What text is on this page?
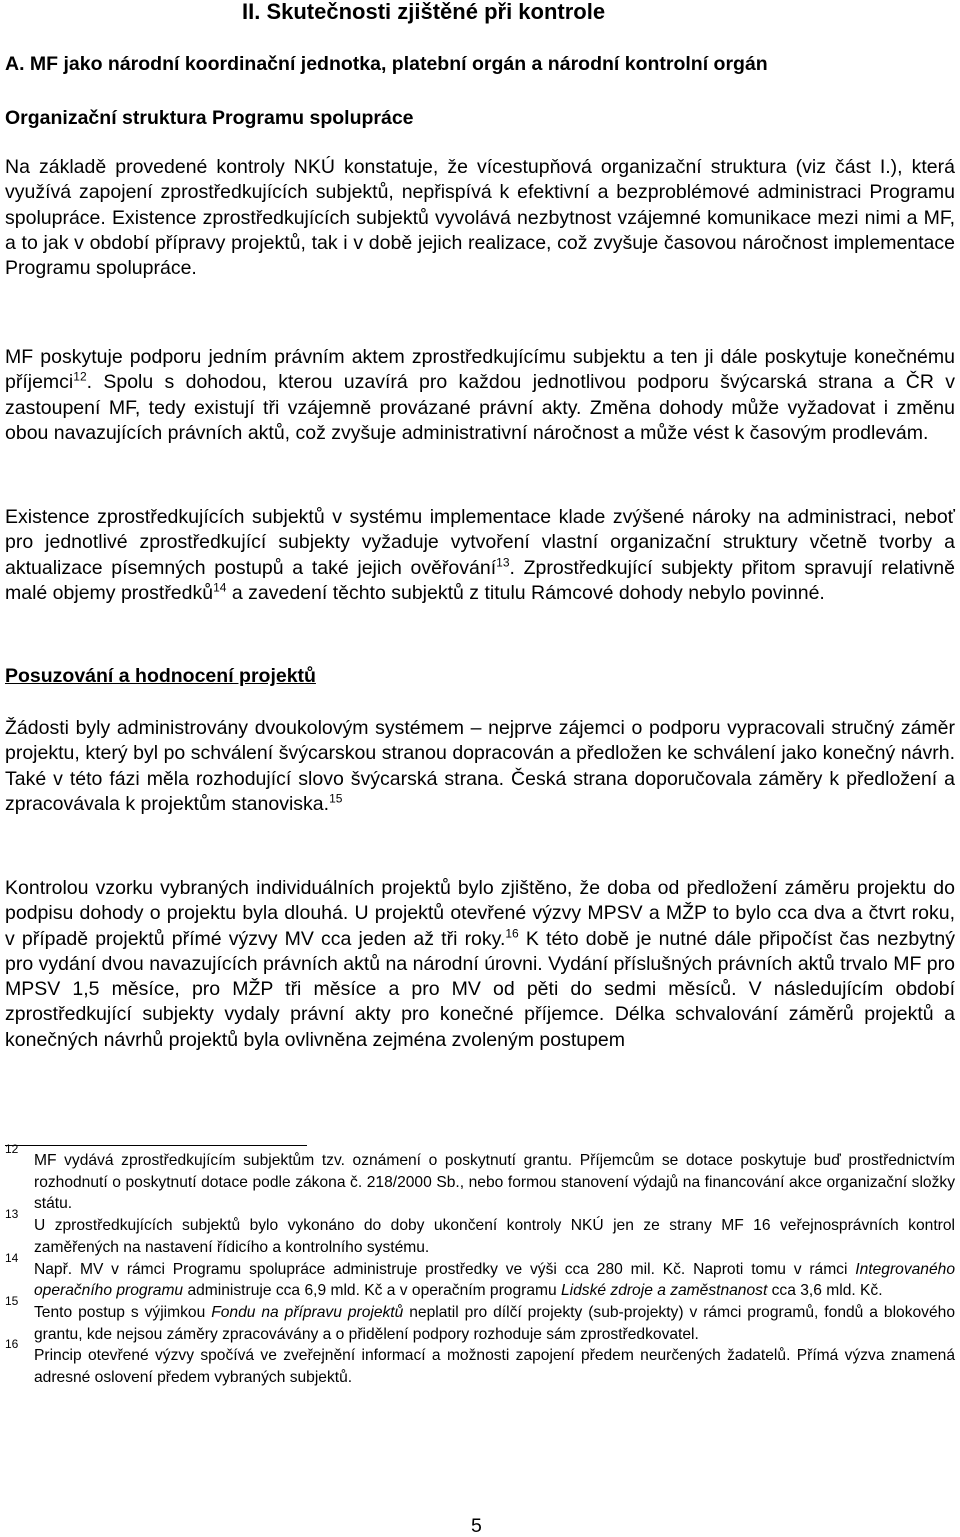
II. Skutečnosti zjištěné při kontrole
A. MF jako národní koordinační jednotka, platební orgán a národní kontrolní orgán
Organizační struktura Programu spolupráce

Na základě provedené kontroly NKÚ konstatuje, že vícestupňová organizační struktura (viz část I.), která využívá zapojení zprostředkujících subjektů, nepřispívá k efektivní a bezproblémové administraci Programu spolupráce. Existence zprostředkujících subjektů vyvolává nezbytnost vzájemné komunikace mezi nimi a MF, a to jak v období přípravy projektů, tak i v době jejich realizace, což zvyšuje časovou náročnost implementace Programu spolupráce.

MF poskytuje podporu jedním právním aktem zprostředkujícímu subjektu a ten ji dále poskytuje konečnému příjemci$^{12}$. Spolu s dohodou, kterou uzavírá pro každou jednotlivou podporu švýcarská strana a ČR v zastoupení MF, tedy existují tři vzájemně provázané právní akty. Změna dohody může vyžadovat i změnu obou navazujících právních aktů, což zvyšuje administrativní náročnost a může vést k časovým prodlevám.

Existence zprostředkujících subjektů v systému implementace klade zvýšené nároky na administraci, neboť pro jednotlivé zprostředkující subjekty vyžaduje vytvoření vlastní organizační struktury včetně tvorby a aktualizace písemných postupů a také jejich ověřování$^{13}$. Zprostředkující subjekty přitom spravují relativně malé objemy prostředků$^{14}$ a zavedení těchto subjektů z titulu Rámcové dohody nebylo povinné.

Posuzování a hodnocení projektů

Žádosti byly administrovány dvoukolovým systémem – nejprve zájemci o podporu vypracovali stručný záměr projektu, který byl po schválení švýcarskou stranou dopracován a předložen ke schválení jako konečný návrh. Také v této fázi měla rozhodující slovo švýcarská strana. Česká strana doporučovala záměry k předložení a zpracovávala k projektům stanoviska.$^{15}$

Kontrolou vzorku vybraných individuálních projektů bylo zjištěno, že doba od předložení záměru projektu do podpisu dohody o projektu byla dlouhá. U projektů otevřené výzvy MPSV a MŽP to bylo cca dva a čtvrt roku, v případě projektů přímé výzvy MV cca jeden až tři roky.$^{16}$ K této době je nutné dále připočíst čas nezbytný pro vydání dvou navazujících právních aktů na národní úrovni. Vydání příslušných právních aktů trvalo MF pro MPSV 1,5 měsíce, pro MŽP tři měsíce a pro MV od pěti do sedmi měsíců. V následujícím období zprostředkující subjekty vydaly právní akty pro konečné příjemce. Délka schvalování záměrů projektů a konečných návrhů projektů byla ovlivněna zejména zvoleným postupem

12
MF vydává zprostředkujícím subjektům tzv. oznámení o poskytnutí grantu. Příjemcům se dotace poskytuje buď prostřednictvím rozhodnutí o poskytnutí dotace podle zákona č. 218/2000 Sb., nebo formou stanovení výdajů na financování akce organizační složky státu.
13
U zprostředkujících subjektů bylo vykonáno do doby ukončení kontroly NKÚ jen ze strany MF 16 veřejnosprávních kontrol zaměřených na nastavení řídicího a kontrolního systému.
14
Např. MV v rámci Programu spolupráce administruje prostředky ve výši cca 280 mil. Kč. Naproti tomu v rámci Integrovaného operačního programu administruje cca 6,9 mld. Kč a v operačním programu Lidské zdroje a zaměstnanost cca 3,6 mld. Kč.
15
Tento postup s výjimkou Fondu na přípravu projektů neplatil pro dílčí projekty (sub-projekty) v rámci programů, fondů a blokového grantu, kde nejsou záměry zpracovávány a o přidělení podpory rozhoduje sám zprostředkovatel.
16
Princip otevřené výzvy spočívá ve zveřejnění informací a možnosti zapojení předem neurčených žadatelů. Přímá výzva znamená adresné oslovení předem vybraných subjektů.
5
